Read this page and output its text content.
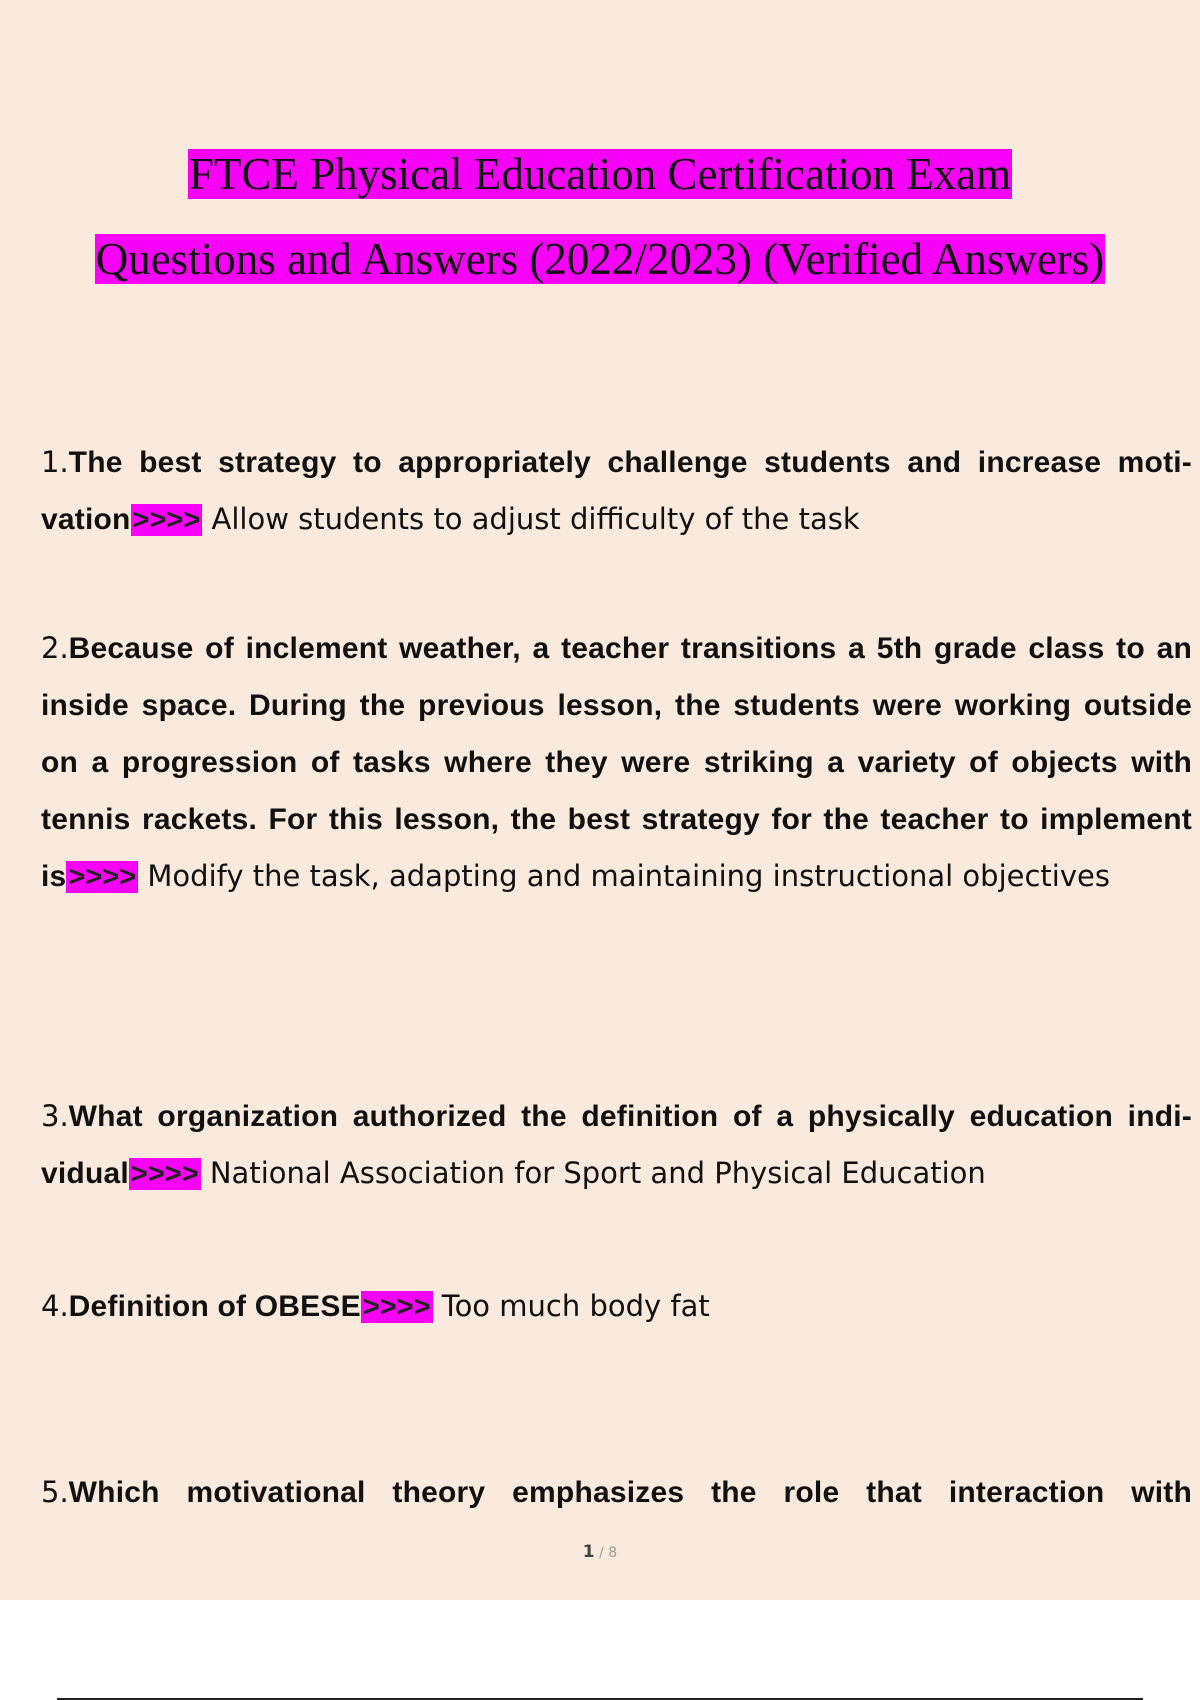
FTCE Physical Education Certification Exam
Questions and Answers (2022/2023) (Verified Answers)
1.The best strategy to appropriately challenge students and increase moti- vation>>>> Allow students to adjust difficulty of the task
2.Because of inclement weather, a teacher transitions a 5th grade class to an inside space. During the previous lesson, the students were working outside on a progression of tasks where they were striking a variety of objects with tennis rackets. For this lesson, the best strategy for the teacher to implement is>>>> Modify the task, adapting and maintaining instructional objectives
3.What organization authorized the definition of a physically education indi- vidual>>>> National Association for Sport and Physical Education
4.Definition of OBESE>>>> Too much body fat
5.Which motivational theory emphasizes the role that interaction with
1 / 8
